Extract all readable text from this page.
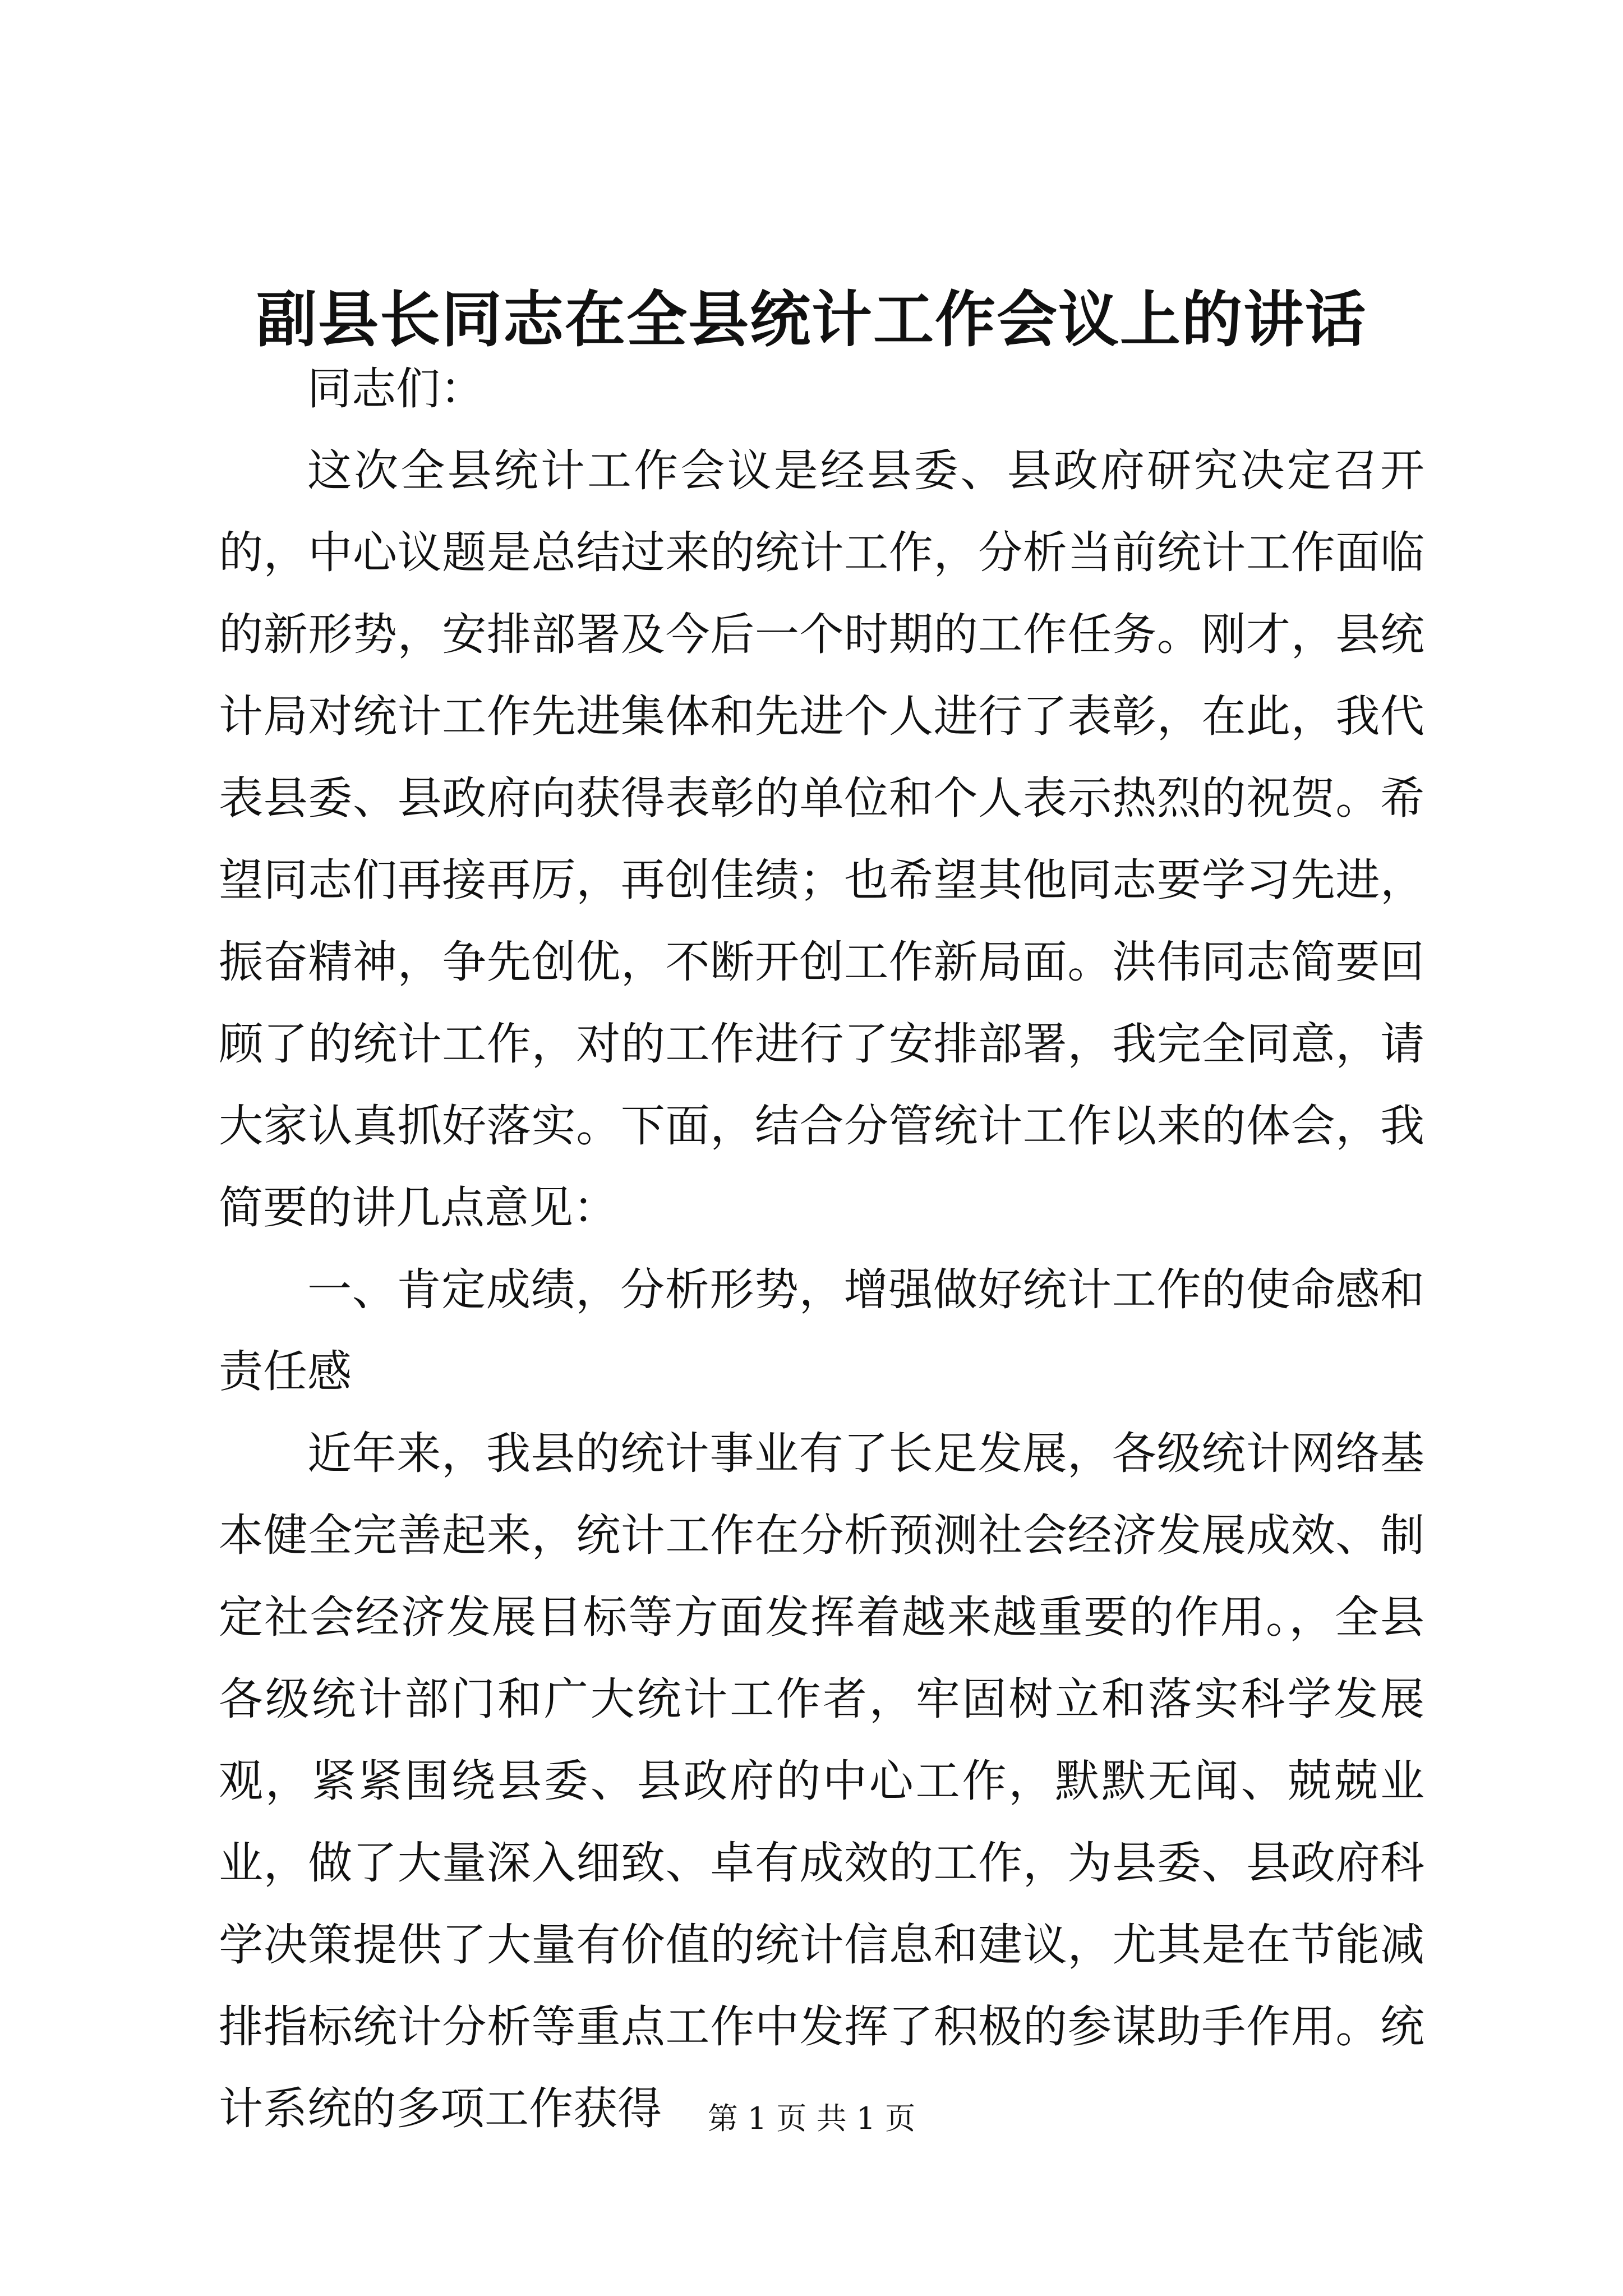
副县长同志在全县统计工作会议上的讲话

同志们：

这次全县统计工作会议是经县委、县政府研究决定召开的，中心议题是总结过来的统计工作，分析当前统计工作面临的新形势，安排部署及今后一个时期的工作任务。刚才，县统计局对统计工作先进集体和先进个人进行了表彰，在此，我代表县委、县政府向获得表彰的单位和个人表示热烈的祝贺。希望同志们再接再厉，再创佳绩；也希望其他同志要学习先进，振奋精神，争先创优，不断开创工作新局面。洪伟同志简要回顾了的统计工作，对的工作进行了安排部署，我完全同意，请大家认真抓好落实。下面，结合分管统计工作以来的体会，我简要的讲几点意见：

一、肯定成绩，分析形势，增强做好统计工作的使命感和责任感

近年来，我县的统计事业有了长足发展，各级统计网络基本健全完善起来，统计工作在分析预测社会经济发展成效、制定社会经济发展目标等方面发挥着越来越重要的作用。，全县各级统计部门和广大统计工作者，牢固树立和落实科学发展观，紧紧围绕县委、县政府的中心工作，默默无闻、兢兢业业，做了大量深入细致、卓有成效的工作，为县委、县政府科学决策提供了大量有价值的统计信息和建议，尤其是在节能减排指标统计分析等重点工作中发挥了积极的参谋助手作用。统计系统的多项工作获得	第 1 页 共 1 页
